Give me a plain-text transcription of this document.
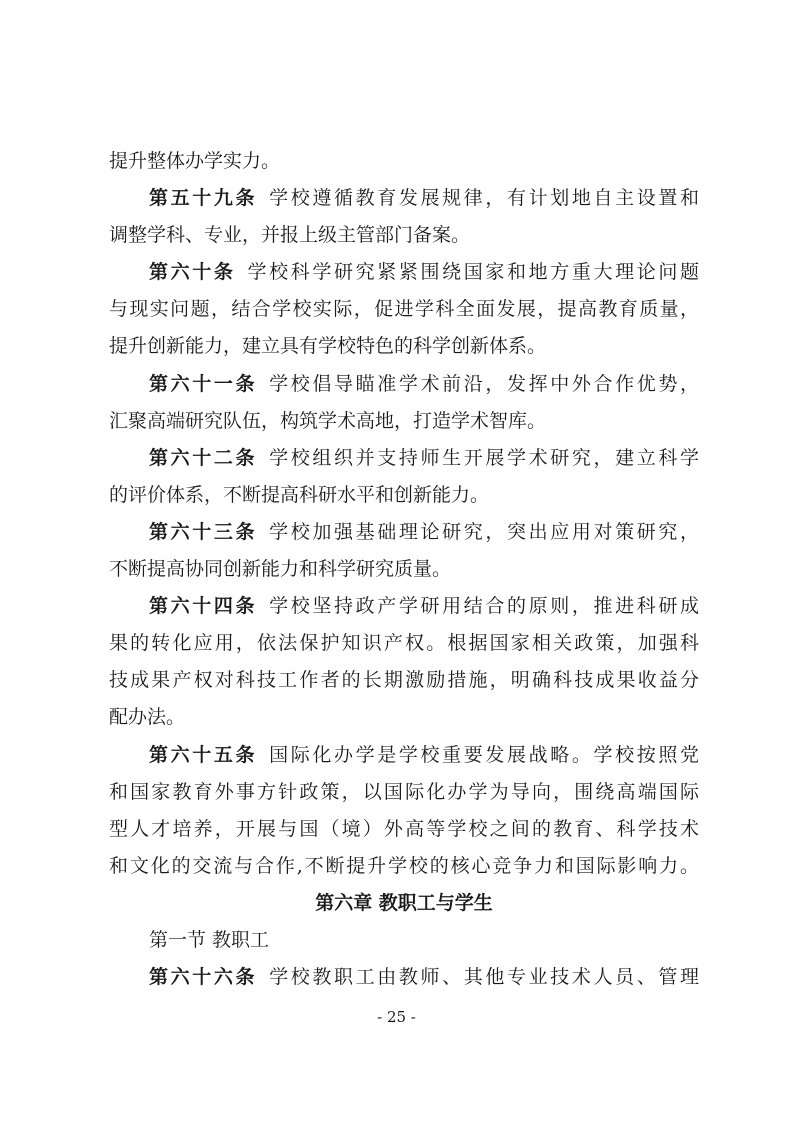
提升整体办学实力。
第五十九条 学校遵循教育发展规律，有计划地自主设置和
调整学科、专业，并报上级主管部门备案。
第六十条 学校科学研究紧紧围绕国家和地方重大理论问题
与现实问题，结合学校实际，促进学科全面发展，提高教育质量，
提升创新能力，建立具有学校特色的科学创新体系。
第六十一条 学校倡导瞄准学术前沿，发挥中外合作优势，
汇聚高端研究队伍，构筑学术高地，打造学术智库。
第六十二条 学校组织并支持师生开展学术研究，建立科学
的评价体系，不断提高科研水平和创新能力。
第六十三条 学校加强基础理论研究，突出应用对策研究，
不断提高协同创新能力和科学研究质量。
第六十四条 学校坚持政产学研用结合的原则，推进科研成
果的转化应用，依法保护知识产权。根据国家相关政策，加强科
技成果产权对科技工作者的长期激励措施，明确科技成果收益分
配办法。
第六十五条 国际化办学是学校重要发展战略。学校按照党
和国家教育外事方针政策，以国际化办学为导向，围绕高端国际
型人才培养，开展与国（境）外高等学校之间的教育、科学技术
和文化的交流与合作,不断提升学校的核心竞争力和国际影响力。
第六章 教职工与学生
第一节 教职工
第六十六条 学校教职工由教师、其他专业技术人员、管理
- 25 -
